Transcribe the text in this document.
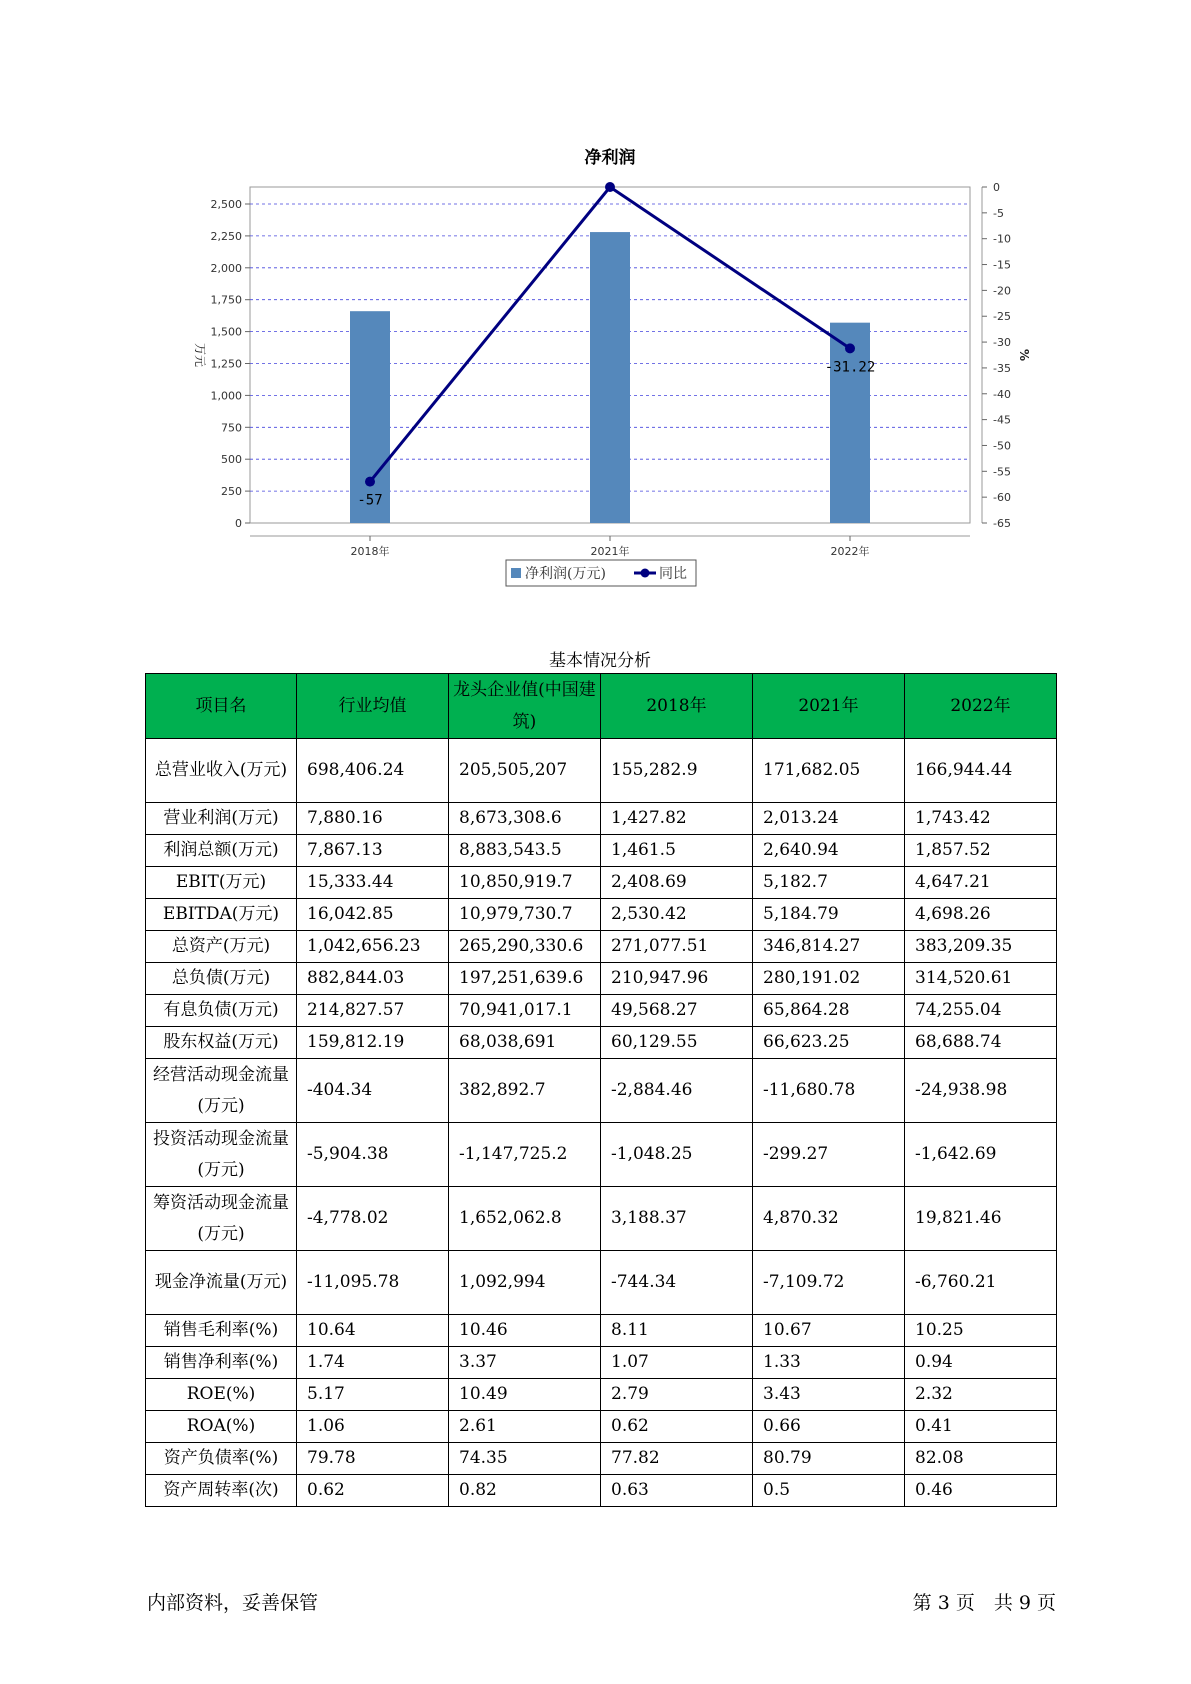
净利润
0
250
500
750
1,000
1,250
1,500
1,750
2,000
2,250
2,500
0
-5
-10
-15
-20
-25
-30
-35
-40
-45
-50
-55
-60
-65
万元	%
2018年	2021年	2022年
-57
-31.22
净利润(万元)	同比
基本情况分析
项目名	行业均值	龙头企业值(中国建筑)	2018年	2021年	2022年
总营业收入(万元)	698,406.24	205,505,207	155,282.9	171,682.05	166,944.44
营业利润(万元)	7,880.16	8,673,308.6	1,427.82	2,013.24	1,743.42
利润总额(万元)	7,867.13	8,883,543.5	1,461.5	2,640.94	1,857.52
EBIT(万元)	15,333.44	10,850,919.7	2,408.69	5,182.7	4,647.21
EBITDA(万元)	16,042.85	10,979,730.7	2,530.42	5,184.79	4,698.26
总资产(万元)	1,042,656.23	265,290,330.6	271,077.51	346,814.27	383,209.35
总负债(万元)	882,844.03	197,251,639.6	210,947.96	280,191.02	314,520.61
有息负债(万元)	214,827.57	70,941,017.1	49,568.27	65,864.28	74,255.04
股东权益(万元)	159,812.19	68,038,691	60,129.55	66,623.25	68,688.74
经营活动现金流量(万元)	-404.34	382,892.7	-2,884.46	-11,680.78	-24,938.98
投资活动现金流量(万元)	-5,904.38	-1,147,725.2	-1,048.25	-299.27	-1,642.69
筹资活动现金流量(万元)	-4,778.02	1,652,062.8	3,188.37	4,870.32	19,821.46
现金净流量(万元)	-11,095.78	1,092,994	-744.34	-7,109.72	-6,760.21
销售毛利率(%)	10.64	10.46	8.11	10.67	10.25
销售净利率(%)	1.74	3.37	1.07	1.33	0.94
ROE(%)	5.17	10.49	2.79	3.43	2.32
ROA(%)	1.06	2.61	0.62	0.66	0.41
资产负债率(%)	79.78	74.35	77.82	80.79	82.08
资产周转率(次)	0.62	0.82	0.63	0.5	0.46
内部资料，妥善保管	第 3 页　共 9 页
